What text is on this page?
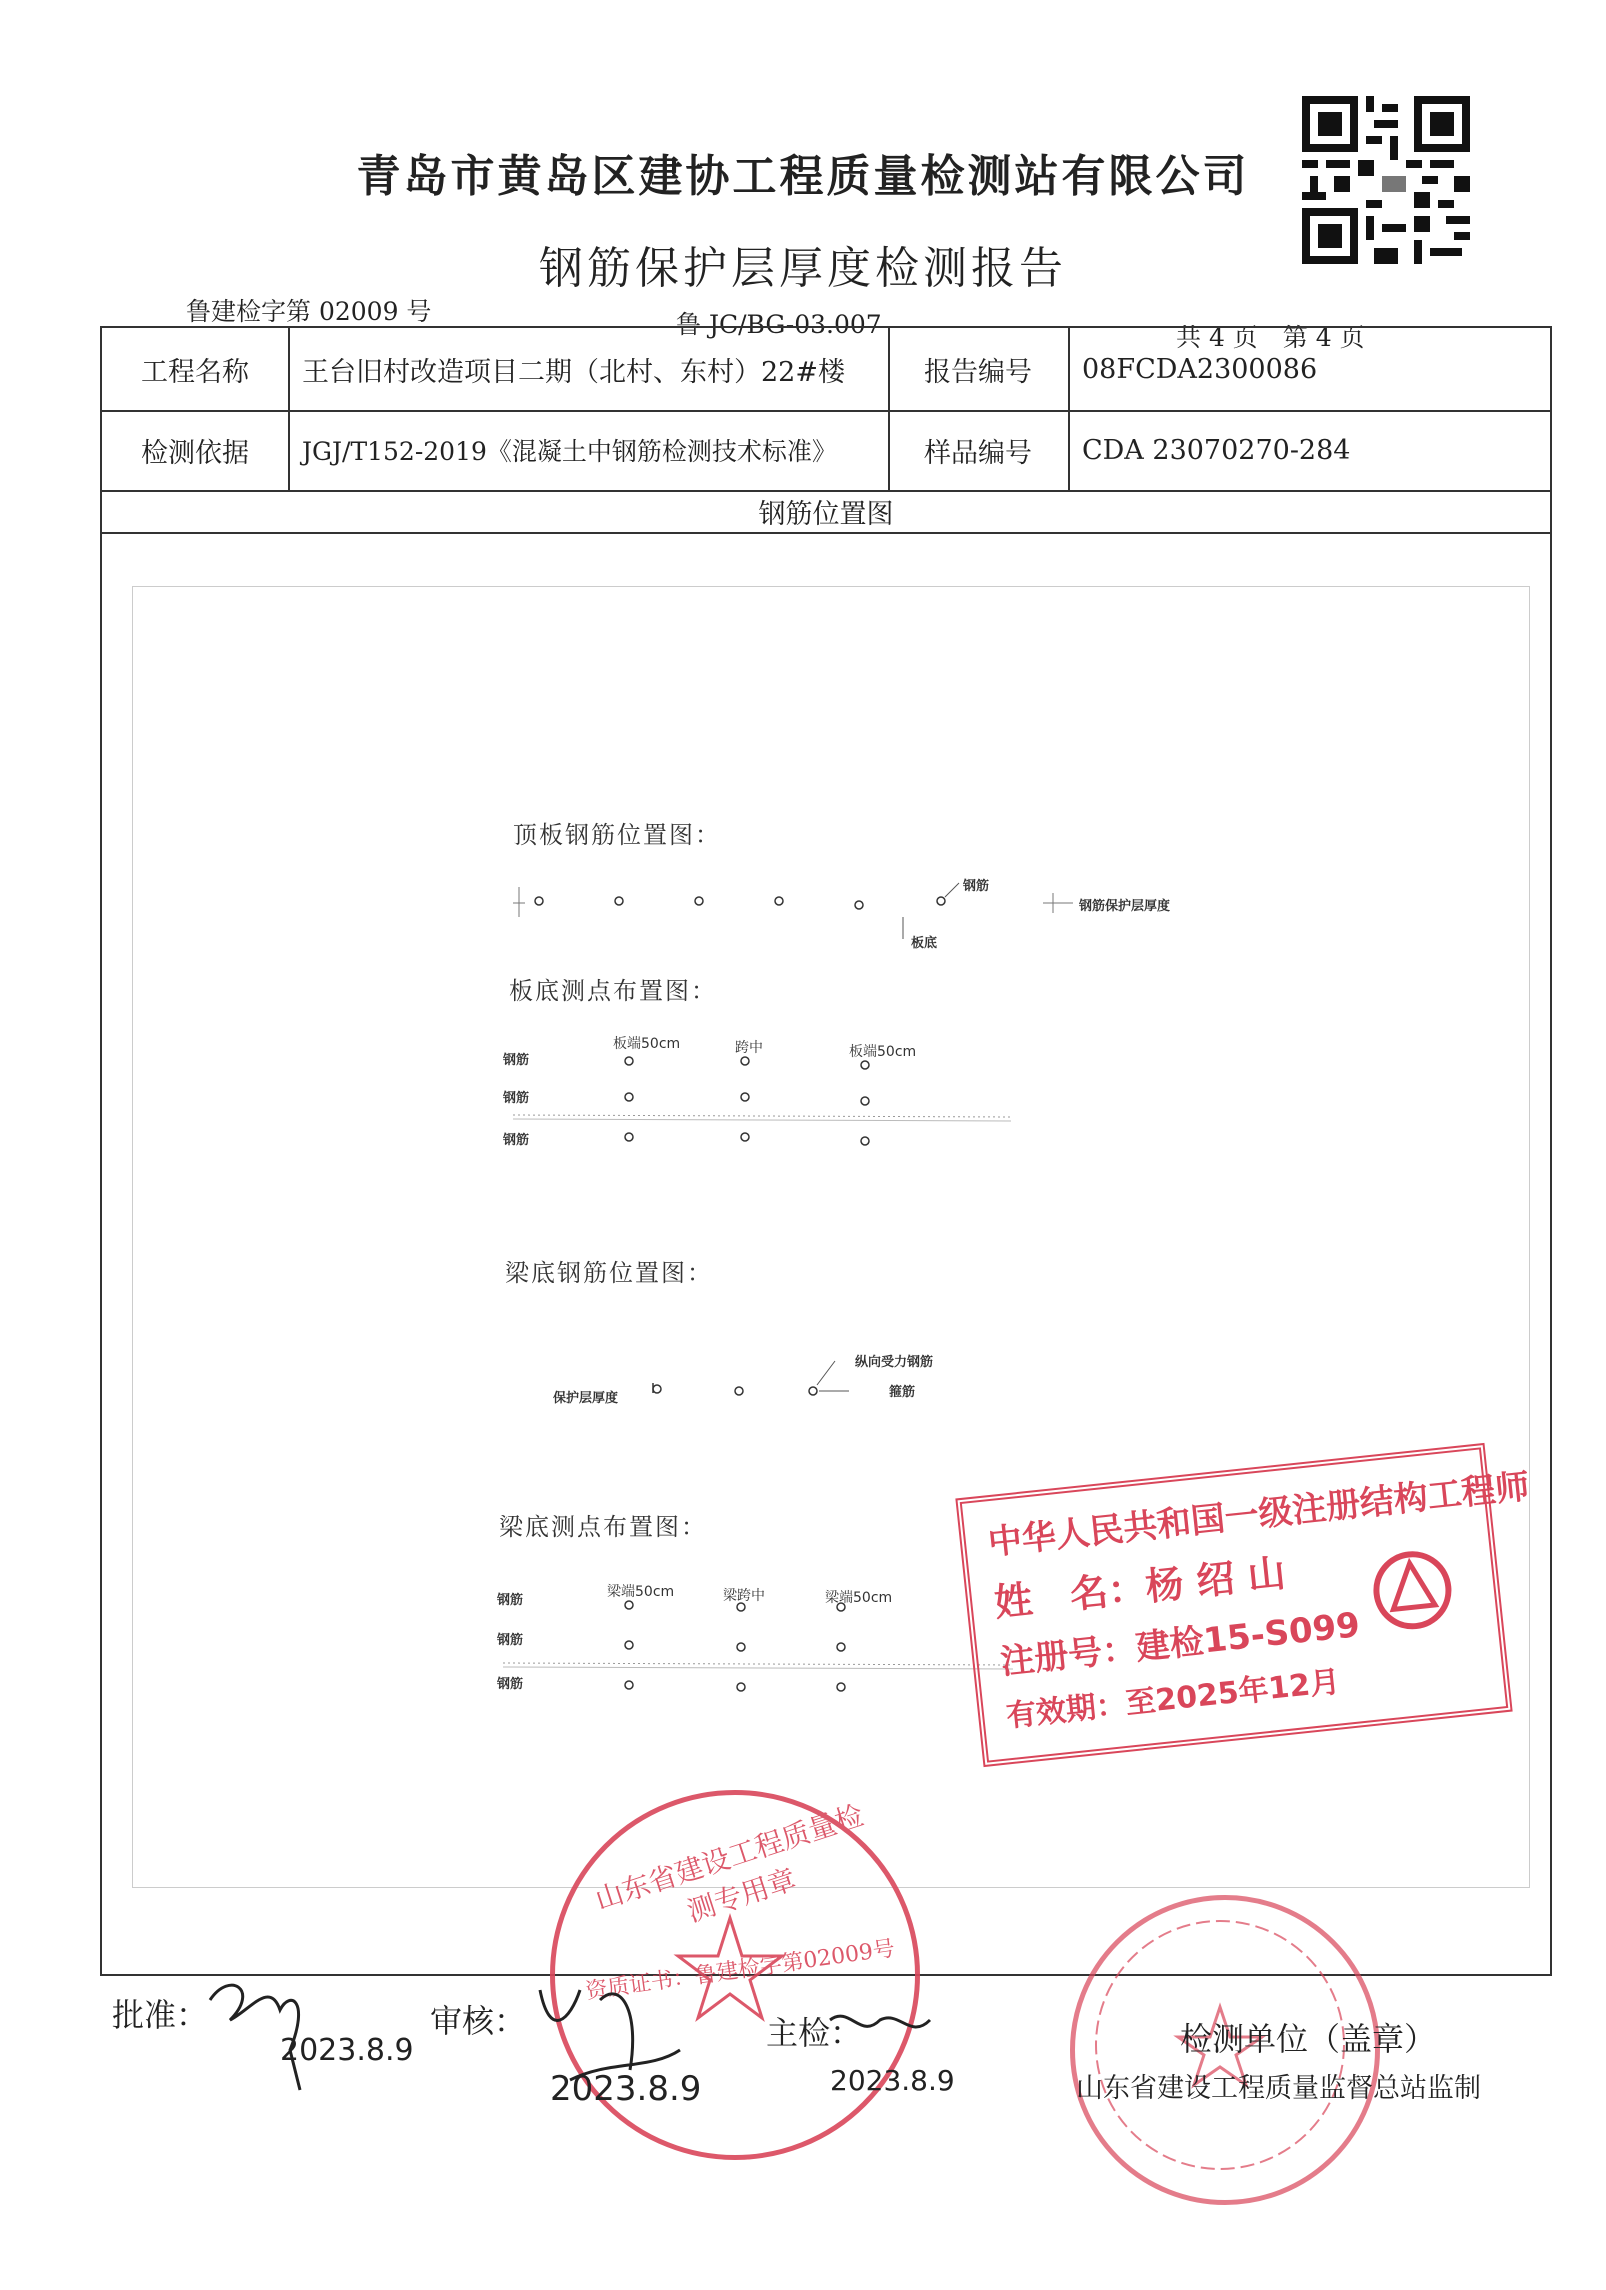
青岛市黄岛区建协工程质量检测站有限公司
钢筋保护层厚度检测报告
鲁建检字第 02009 号	鲁 JC/BG-03.007	共 4 页　第 4 页
工程名称	王台旧村改造项目二期（北村、东村）22#楼	报告编号	08FCDA2300086
检测依据	JGJ/T152-2019《混凝土中钢筋检测技术标准》	样品编号	CDA 23070270-284
钢筋位置图
顶板钢筋位置图：
钢筋
板底
钢筋保护层厚度
板底测点布置图：
钢筋
钢筋
钢筋
板端50cm	跨中	板端50cm
梁底钢筋位置图：
纵向受力钢筋
箍筋
保护层厚度
梁底测点布置图：
钢筋
钢筋
钢筋
梁端50cm	梁跨中	梁端50cm
中华人民共和国一级注册结构工程师
姓　名：杨 绍 山
注册号：建检15-S099
有效期：至2025年12月
山东省建设工程质量检测专用章
资质证书：鲁建检字第02009号
批准：	审核：	主检：	检测单位（盖章）
山东省建设工程质量监督总站监制
2023.8.9
2023.8.9	2023.8.9
